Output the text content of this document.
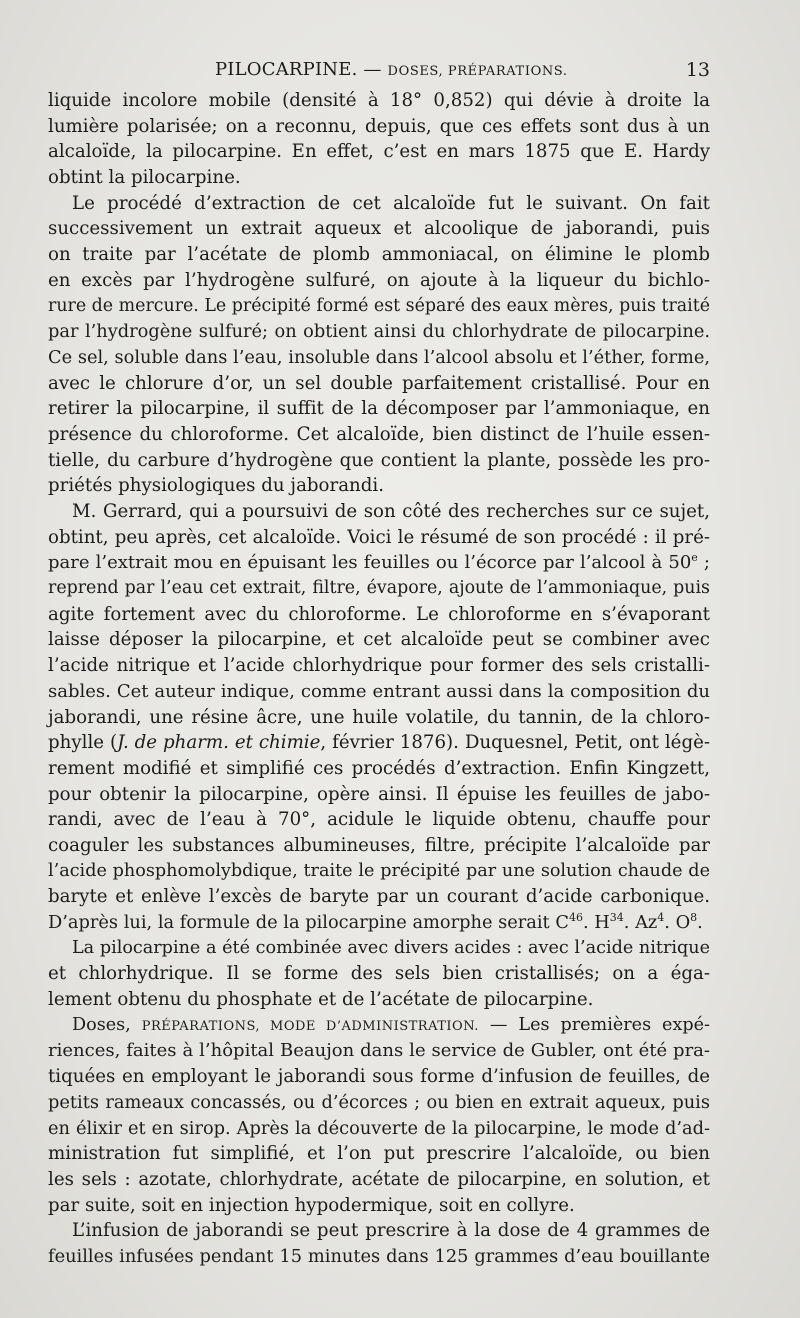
PILOCARPINE. — DOSES, PRÉPARATIONS.	13
liquide incolore mobile (densité à 18° 0,852) qui dévie à droite la
lumière polarisée; on a reconnu, depuis, que ces effets sont dus à un
alcaloïde, la pilocarpine. En effet, c’est en mars 1875 que E. Hardy
obtint la pilocarpine.
Le procédé d’extraction de cet alcaloïde fut le suivant. On fait
successivement un extrait aqueux et alcoolique de jaborandi, puis
on traite par l’acétate de plomb ammoniacal, on élimine le plomb
en excès par l’hydrogène sulfuré, on ajoute à la liqueur du bichlo-
rure de mercure. Le précipité formé est séparé des eaux mères, puis traité
par l’hydrogène sulfuré; on obtient ainsi du chlorhydrate de pilocarpine.
Ce sel, soluble dans l’eau, insoluble dans l’alcool absolu et l’éther, forme,
avec le chlorure d’or, un sel double parfaitement cristallisé. Pour en
retirer la pilocarpine, il suffit de la décomposer par l’ammoniaque, en
présence du chloroforme. Cet alcaloïde, bien distinct de l’huile essen-
tielle, du carbure d’hydrogène que contient la plante, possède les pro-
priétés physiologiques du jaborandi.
M. Gerrard, qui a poursuivi de son côté des recherches sur ce sujet,
obtint, peu après, cet alcaloïde. Voici le résumé de son procédé : il pré-
pare l’extrait mou en épuisant les feuilles ou l’écorce par l’alcool à 50e ;
reprend par l’eau cet extrait, filtre, évapore, ajoute de l’ammoniaque, puis
agite fortement avec du chloroforme. Le chloroforme en s’évaporant
laisse déposer la pilocarpine, et cet alcaloïde peut se combiner avec
l’acide nitrique et l’acide chlorhydrique pour former des sels cristalli-
sables. Cet auteur indique, comme entrant aussi dans la composition du
jaborandi, une résine âcre, une huile volatile, du tannin, de la chloro-
phylle (J. de pharm. et chimie, février 1876). Duquesnel, Petit, ont légè-
rement modifié et simplifié ces procédés d’extraction. Enfin Kingzett,
pour obtenir la pilocarpine, opère ainsi. Il épuise les feuilles de jabo-
randi, avec de l’eau à 70°, acidule le liquide obtenu, chauffe pour
coaguler les substances albumineuses, filtre, précipite l’alcaloïde par
l’acide phosphomolybdique, traite le précipité par une solution chaude de
baryte et enlève l’excès de baryte par un courant d’acide carbonique.
D’après lui, la formule de la pilocarpine amorphe serait $C^{46}$. $H^{34}$. Az$^4$. $O^8$.
La pilocarpine a été combinée avec divers acides : avec l’acide nitrique
et chlorhydrique. Il se forme des sels bien cristallisés; on a éga-
lement obtenu du phosphate et de l’acétate de pilocarpine.
Doses, PRÉPARATIONS, MODE D’ADMINISTRATION. — Les premières expé-
riences, faites à l’hôpital Beaujon dans le service de Gubler, ont été pra-
tiquées en employant le jaborandi sous forme d’infusion de feuilles, de
petits rameaux concassés, ou d’écorces ; ou bien en extrait aqueux, puis
en élixir et en sirop. Après la découverte de la pilocarpine, le mode d’ad-
ministration fut simplifié, et l’on put prescrire l’alcaloïde, ou bien
les sels : azotate, chlorhydrate, acétate de pilocarpine, en solution, et
par suite, soit en injection hypodermique, soit en collyre.
L’infusion de jaborandi se peut prescrire à la dose de 4 grammes de
feuilles infusées pendant 15 minutes dans 125 grammes d’eau bouillante
